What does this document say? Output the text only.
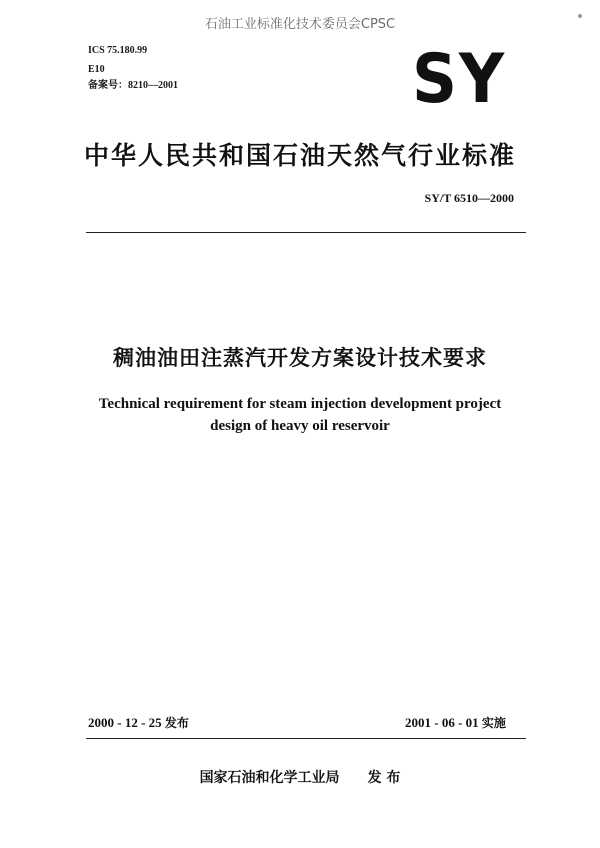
石油工业标准化技术委员会CPSC
ICS 75.180.99
E10
备案号：8210—2001	SY
中华人民共和国石油天然气行业标准
SY/T 6510—2000
稠油油田注蒸汽开发方案设计技术要求
Technical requirement for steam injection development project
design of heavy oil reservoir
2000 - 12 - 25 发布	2001 - 06 - 01 实施
国家石油和化学工业局 发 布
